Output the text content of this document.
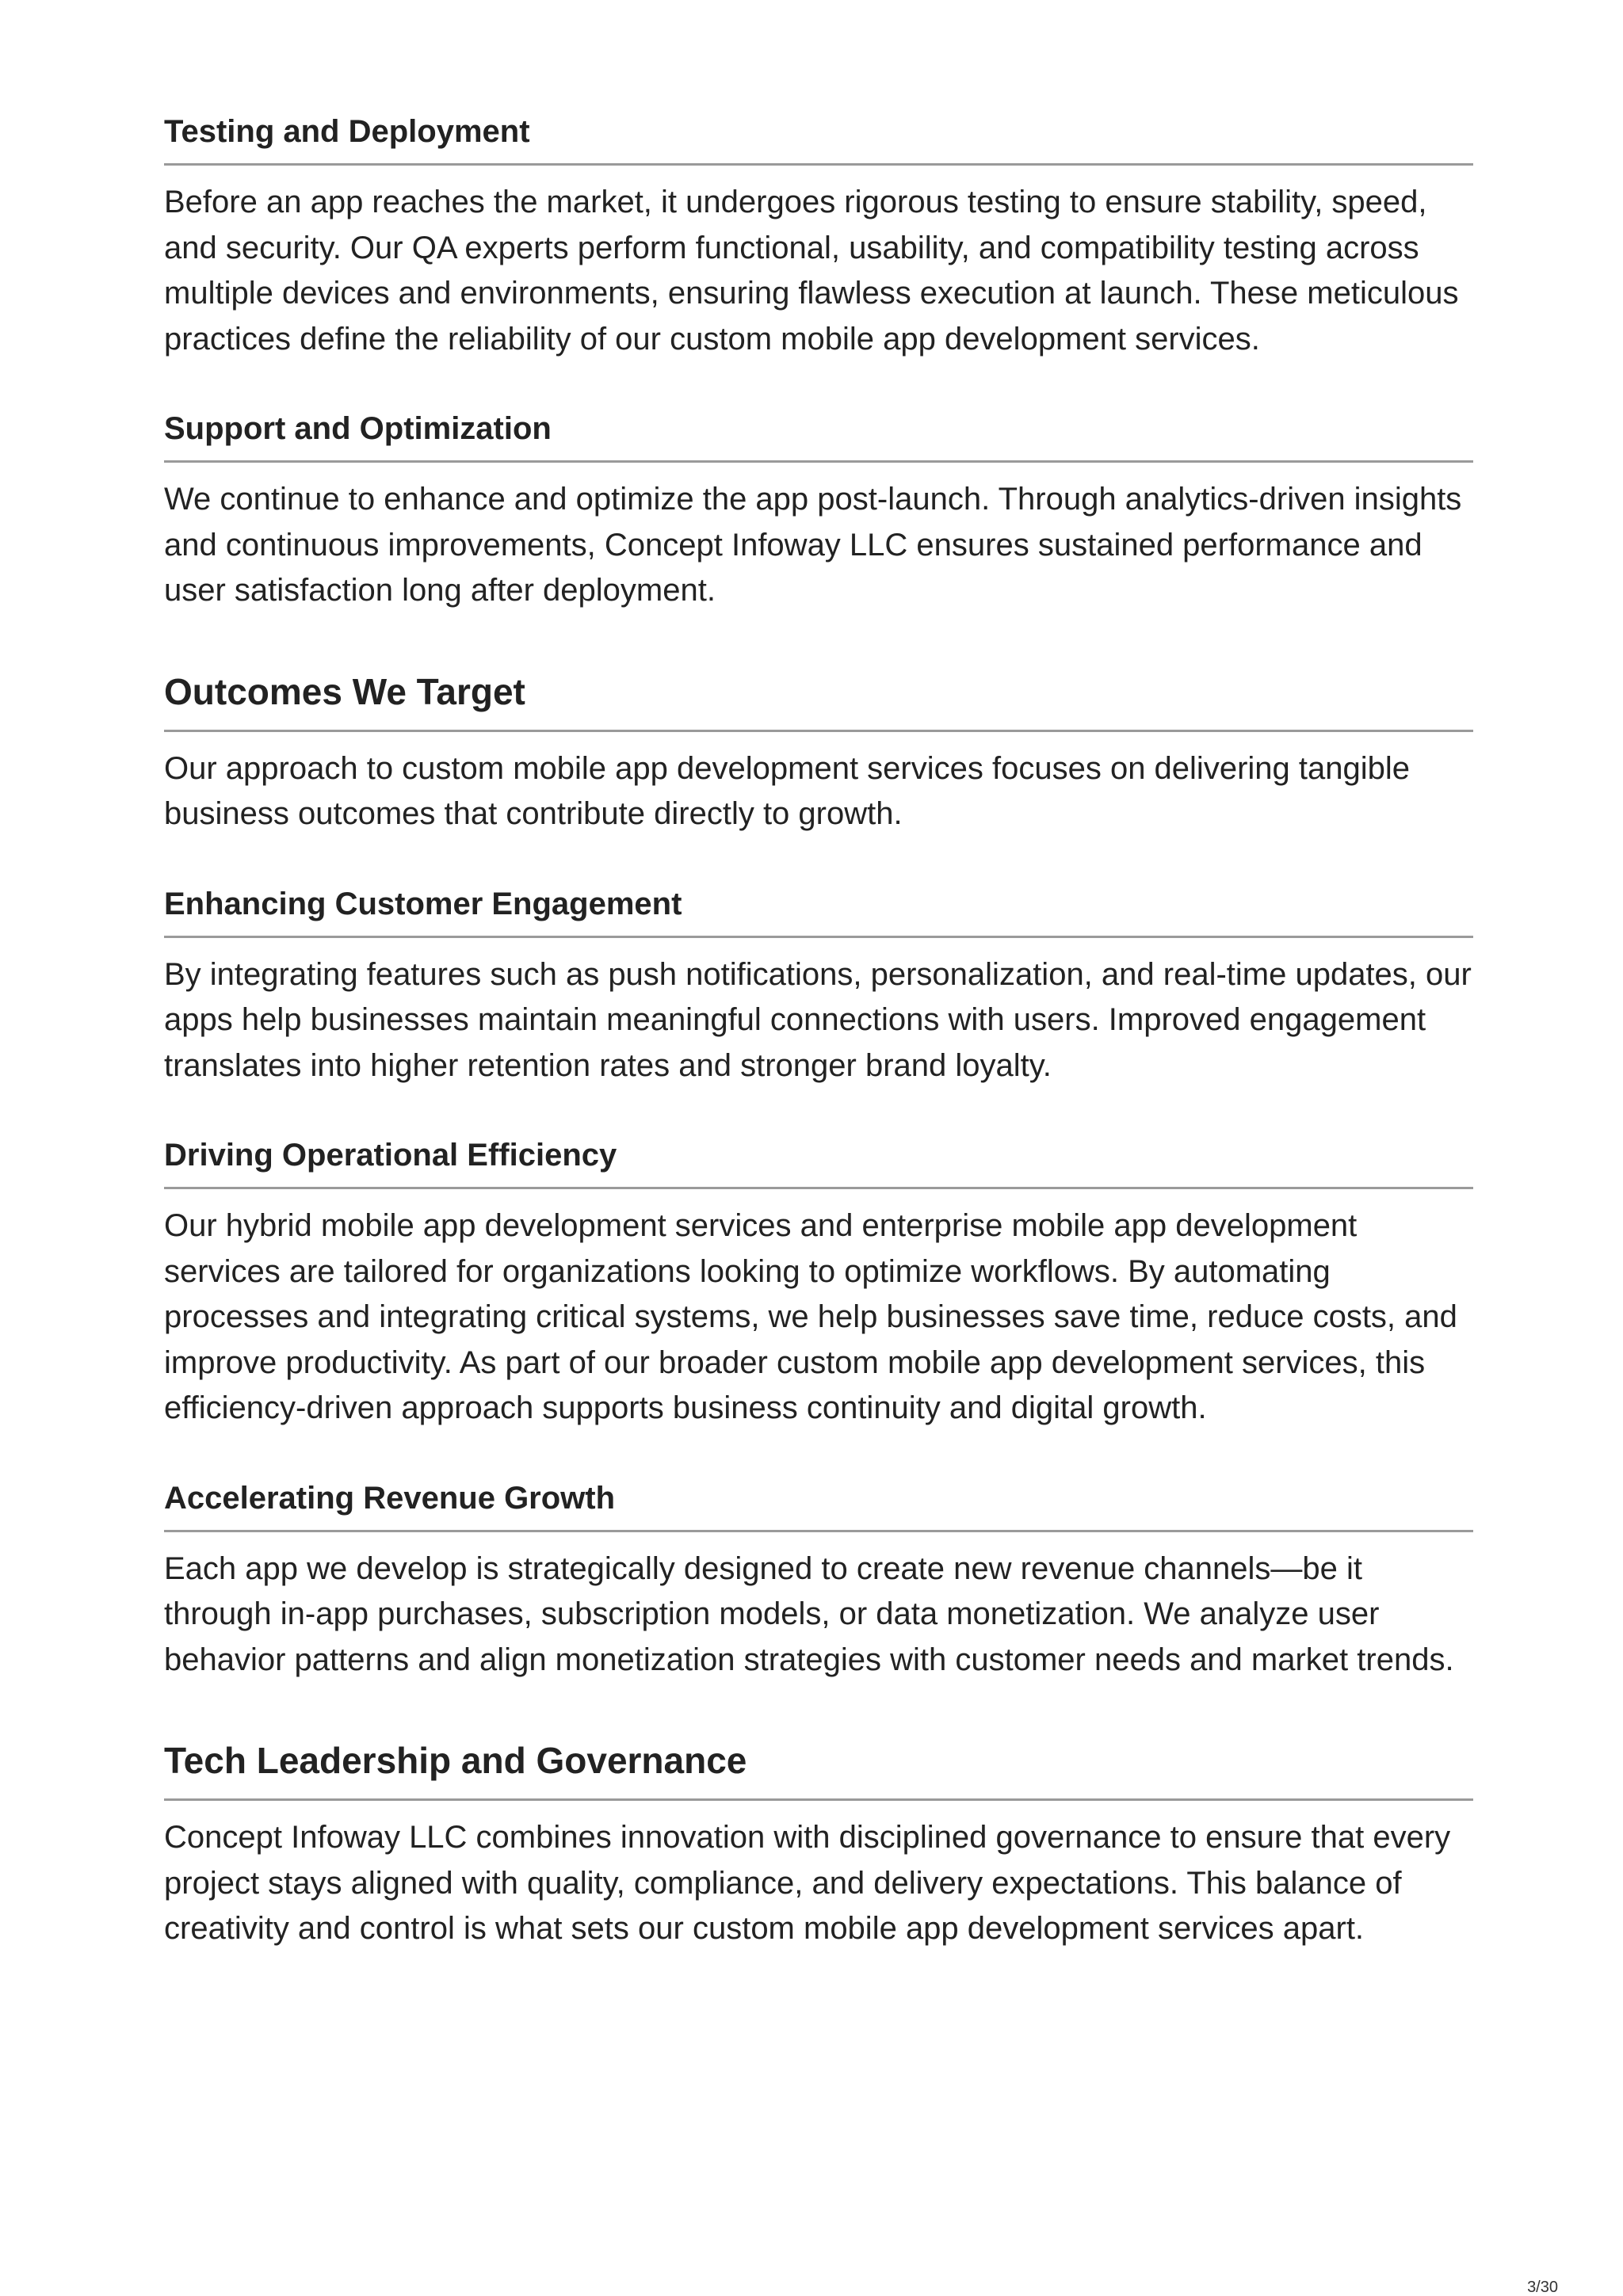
Testing and Deployment

Before an app reaches the market, it undergoes rigorous testing to ensure stability, speed, and security. Our QA experts perform functional, usability, and compatibility testing across multiple devices and environments, ensuring flawless execution at launch. These meticulous practices define the reliability of our custom mobile app development services.

Support and Optimization

We continue to enhance and optimize the app post-launch. Through analytics-driven insights and continuous improvements, Concept Infoway LLC ensures sustained performance and user satisfaction long after deployment.

Outcomes We Target

Our approach to custom mobile app development services focuses on delivering tangible business outcomes that contribute directly to growth.

Enhancing Customer Engagement

By integrating features such as push notifications, personalization, and real-time updates, our apps help businesses maintain meaningful connections with users. Improved engagement translates into higher retention rates and stronger brand loyalty.

Driving Operational Efficiency

Our hybrid mobile app development services and enterprise mobile app development services are tailored for organizations looking to optimize workflows. By automating processes and integrating critical systems, we help businesses save time, reduce costs, and improve productivity. As part of our broader custom mobile app development services, this efficiency-driven approach supports business continuity and digital growth.

Accelerating Revenue Growth

Each app we develop is strategically designed to create new revenue channels—be it through in-app purchases, subscription models, or data monetization. We analyze user behavior patterns and align monetization strategies with customer needs and market trends.

Tech Leadership and Governance

Concept Infoway LLC combines innovation with disciplined governance to ensure that every project stays aligned with quality, compliance, and delivery expectations. This balance of creativity and control is what sets our custom mobile app development services apart.

3/30
